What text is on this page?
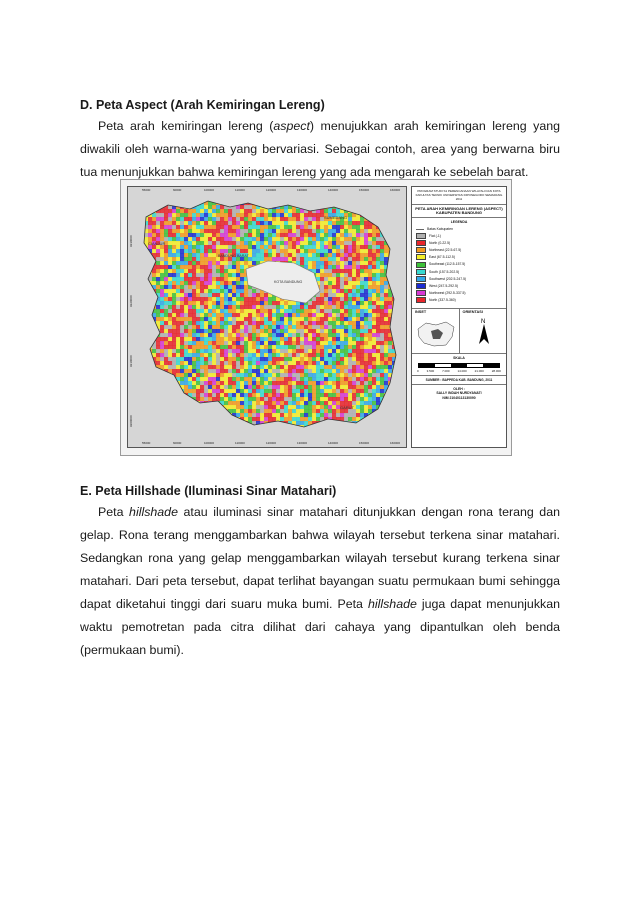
D. Peta Aspect (Arah Kemiringan Lereng)
Peta arah kemiringan lereng (aspect) menujukkan arah kemiringan lereng yang diwakili oleh warna-warna yang bervariasi. Sebagai contoh, area yang berwarna biru tua menunjukkan bahwa kemiringan lereng yang ada mengarah ke sebelah barat.
CIANJUR
SUMEDANG
GARUT
KOTA BANDUNG
BANDUNG BARAT
55000	60000	100000	110000	120000	130000	140000	150000	160000
55000	60000	100000	110000	120000	130000	140000	150000	160000
9230000
9220000
9210000
9200000
PROGRAM STUDI S1 PERENCANAAN WILAYAH DAN KOTA FAKULTAS TEKNIK UNIVERSITAS DIPONEGORO SEMARANG 2011
PETA ARAH KEMIRINGAN LERENG (ASPECT) KABUPATEN BANDUNG
LEGENDA
Batas Kabupaten
Flat (-1)
North (0-22.5)
Northeast (22.5-67.5)
East (67.5-112.5)
Southeast (112.5-157.5)
South (157.5-202.5)
Southwest (202.5-247.5)
West (247.5-292.5)
Northwest (292.5-337.5)
North (337.5-360)
INSET	ORIENTASI
N
SKALA
0	3.500	7.000	14.000	21.000	28.000
SUMBER : BAPPEDA KAB. BANDUNG, 2011
OLEH :
SALLY INDAH NURDYANATI
NIM 21040113130090
E. Peta Hillshade (Iluminasi Sinar Matahari)
Peta hillshade atau iluminasi sinar matahari ditunjukkan dengan rona terang dan gelap. Rona terang menggambarkan bahwa wilayah tersebut terkena sinar matahari. Sedangkan rona yang gelap menggambarkan wilayah tersebut kurang terkena sinar matahari. Dari peta tersebut, dapat terlihat bayangan suatu permukaan bumi sehingga dapat diketahui tinggi dari suaru muka bumi. Peta hillshade juga dapat menunjukkan waktu pemotretan pada citra dilihat dari cahaya yang dipantulkan oleh benda (permukaan bumi).
